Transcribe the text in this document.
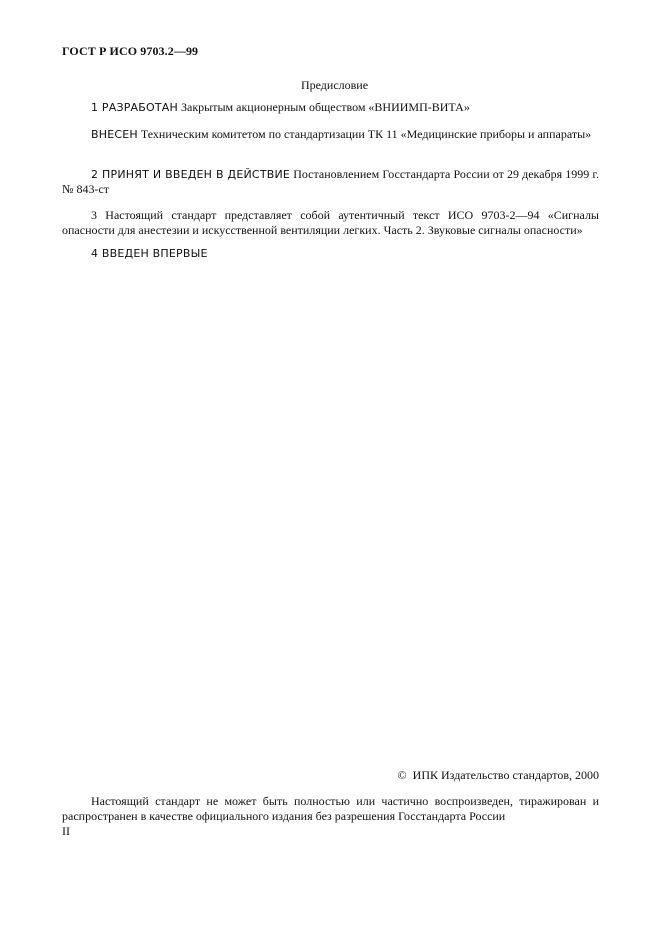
ГОСТ Р ИСО 9703.2—99
Предисловие

1 РАЗРАБОТАН Закрытым акционерным обществом «ВНИИМП-ВИТА»

ВНЕСЕН Техническим комитетом по стандартизации ТК 11 «Медицинские приборы и аппараты»

2 ПРИНЯТ И ВВЕДЕН В ДЕЙСТВИЕ Постановлением Госстандарта России от 29 декабря 1999 г. № 843-ст

3 Настоящий стандарт представляет собой аутентичный текст ИСО 9703-2—94 «Сигналы опасности для анестезии и искусственной вентиляции легких. Часть 2. Звуковые сигналы опасности»

4 ВВЕДЕН ВПЕРВЫЕ

© ИПК Издательство стандартов, 2000

Настоящий стандарт не может быть полностью или частично воспроизведен, тиражирован и распространен в качестве официального издания без разрешения Госстандарта России

II
